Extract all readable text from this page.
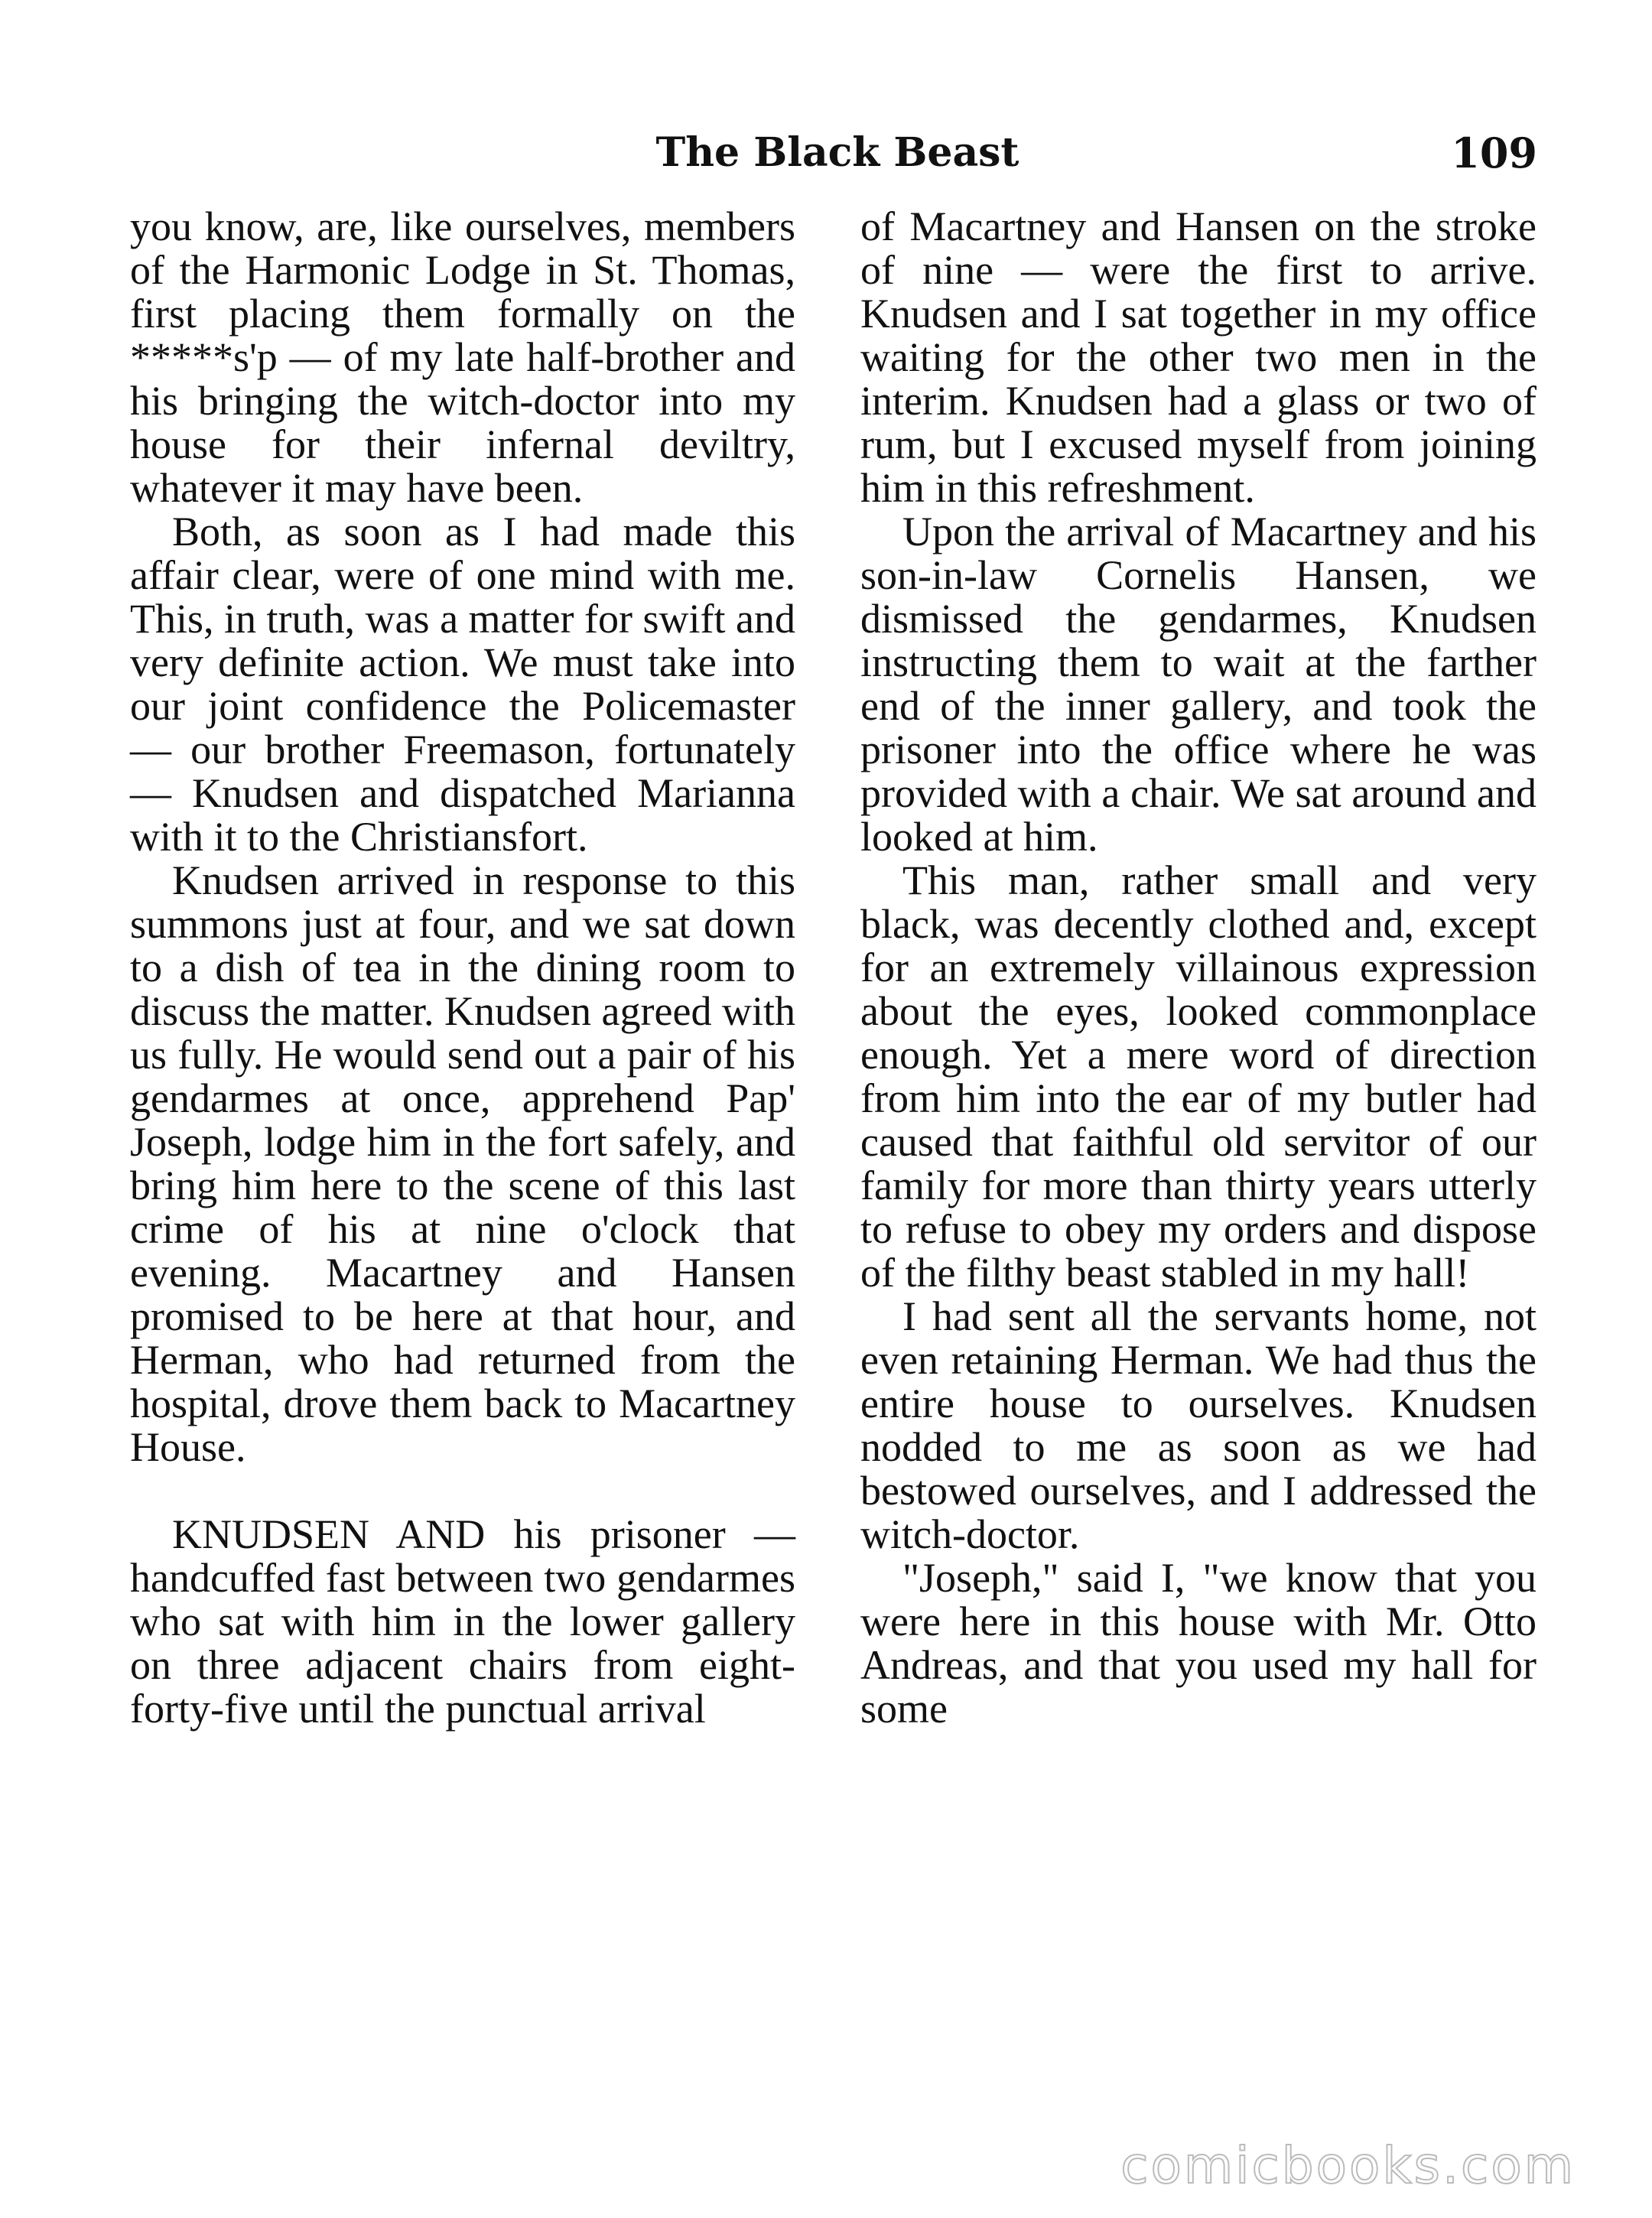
The Black Beast	109

you know, are, like ourselves, members of the Harmonic Lodge in St. Thomas, first placing them formally on the *****s'p — of my late half-brother and his bringing the witch-doctor into my house for their infernal deviltry, whatever it may have been.

Both, as soon as I had made this affair clear, were of one mind with me. This, in truth, was a matter for swift and very definite action. We must take into our joint confidence the Policemaster — our brother Freemason, fortunately — Knudsen and dispatched Marianna with it to the Christiansfort.

Knudsen arrived in response to this summons just at four, and we sat down to a dish of tea in the dining room to discuss the matter. Knudsen agreed with us fully. He would send out a pair of his gendarmes at once, apprehend Pap' Joseph, lodge him in the fort safely, and bring him here to the scene of this last crime of his at nine o'clock that evening. Macartney and Hansen promised to be here at that hour, and Herman, who had returned from the hospital, drove them back to Macartney House.

KNUDSEN AND his prisoner — handcuffed fast between two gendarmes who sat with him in the lower gallery on three adjacent chairs from eight-forty-five until the punctual arrival

of Macartney and Hansen on the stroke of nine — were the first to arrive. Knudsen and I sat together in my office waiting for the other two men in the interim. Knudsen had a glass or two of rum, but I excused myself from joining him in this refreshment.

Upon the arrival of Macartney and his son-in-law Cornelis Hansen, we dismissed the gendarmes, Knudsen instructing them to wait at the farther end of the inner gallery, and took the prisoner into the office where he was provided with a chair. We sat around and looked at him.

This man, rather small and very black, was decently clothed and, except for an extremely villainous expression about the eyes, looked commonplace enough. Yet a mere word of direction from him into the ear of my butler had caused that faithful old servitor of our family for more than thirty years utterly to refuse to obey my orders and dispose of the filthy beast stabled in my hall!

I had sent all the servants home, not even retaining Herman. We had thus the entire house to ourselves. Knudsen nodded to me as soon as we had bestowed ourselves, and I addressed the witch-doctor.

"Joseph," said I, "we know that you were here in this house with Mr. Otto Andreas, and that you used my hall for some

comicbooks.com
